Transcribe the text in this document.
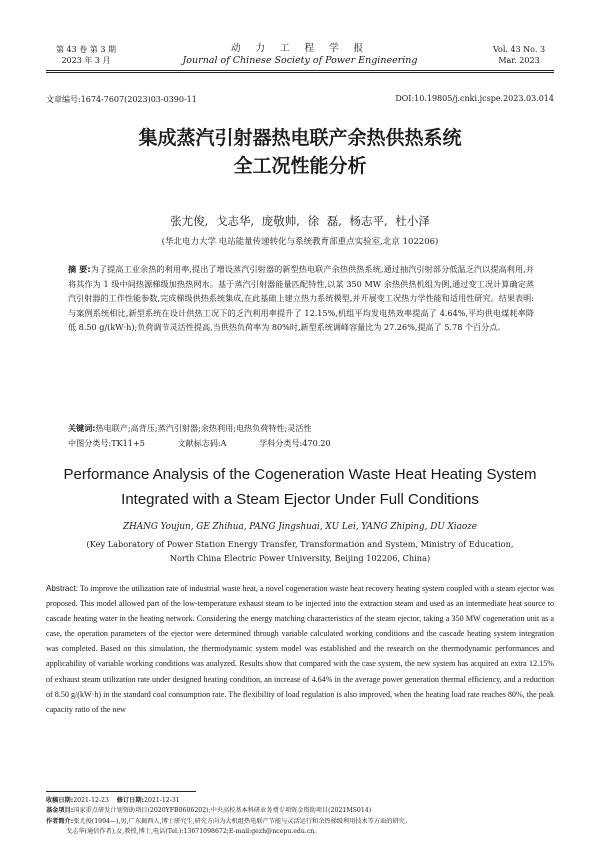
第 43 卷 第 3 期
2023 年 3 月
动 力 工 程 学 报
Journal of Chinese Society of Power Engineering
Vol. 43 No. 3
Mar. 2023
文章编号:1674-7607(2023)03-0390-11	DOI:10.19805/j.cnki.jcspe.2023.03.014
集成蒸汽引射器热电联产余热供热系统
全工况性能分析
张尤俊, 戈志华, 庞敬帅, 徐 磊, 杨志平, 杜小泽
(华北电力大学 电站能量传递转化与系统教育部重点实验室,北京 102206)
摘 要:为了提高工业余热的利用率,提出了增设蒸汽引射器的新型热电联产余热供热系统,通过抽汽引射部分低温乏汽以提高利用,并将其作为 1 级中间热源梯级加热热网水。基于蒸汽引射器能量匹配特性,以某 350 MW 余热供热机组为例,通过变工况计算确定蒸汽引射器的工作性能参数,完成梯级供热系统集成,在此基础上建立热力系统模型,并开展变工况热力学性能和适用性研究。结果表明:与案例系统相比,新型系统在设计供热工况下的乏汽利用率提升了 12.15%,机组平均发电热效率提高了 4.64%,平均供电煤耗率降低 8.50 g/(kW·h);负荷调节灵活性提高,当供热负荷率为 80%时,新型系统调峰容量比为 27.26%,提高了 5.78 个百分点。
关键词:热电联产;高背压;蒸汽引射器;余热利用;电热负荷特性;灵活性
中图分类号:TK11+5	文献标志码:A	学科分类号:470.20
Performance Analysis of the Cogeneration Waste Heat Heating System
Integrated with a Steam Ejector Under Full Conditions
ZHANG Youjun, GE Zhihua, PANG Jingshuai, XU Lei, YANG Zhiping, DU Xiaoze
(Key Laboratory of Power Station Energy Transfer, Transformation and System, Ministry of Education,
North China Electric Power University, Beijing 102206, China)
Abstract: To improve the utilization rate of industrial waste heat, a novel cogeneration waste heat recovery heating system coupled with a steam ejector was proposed. This model allowed part of the low-temperature exhaust steam to be injected into the extraction steam and used as an intermediate heat source to cascade heating water in the heating network. Considering the energy matching characteristics of the steam ejector, taking a 350 MW cogeneration unit as a case, the operation parameters of the ejector were determined through variable calculated working conditions and the cascade heating system integration was completed. Based on this simulation, the thermodynamic system model was established and the research on the thermodynamic performances and applicability of variable working conditions was analyzed. Results show that compared with the case system, the new system has acquired an extra 12.15% of exhaust steam utilization rate under designed heating condition, an increase of 4.64% in the average power generation thermal efficiency, and a reduction of 8.50 g/(kW·h) in the standard coal consumption rate. The flexibility of load regulation is also improved, when the heating load rate reaches 80%, the peak capacity ratio of the new
收稿日期:2021-12-23 修订日期:2021-12-31
基金项目:国家重点研发计划资助项目(2020YFB0606202);中央高校基本科研业务费专项资金资助项目(2021MS014)
作者简介:张尤俊(1994—),男,广东揭西人,博士研究生,研究方向为大机组热电联产节能与灵活运行和余热梯级利用技术等方面的研究。
戈志华(通信作者),女,教授,博士,电话(Tel.):13671098672;E-mail:gezh@ncepu.edu.cn。
